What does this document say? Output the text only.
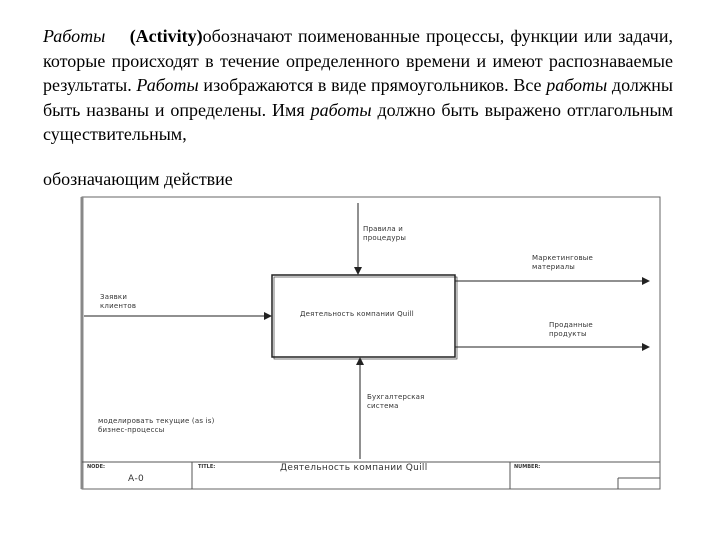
Работы (Activity)обозначают поименованные процессы, функции или задачи, которые происходят в течение определенного времени и имеют распознаваемые результаты. Работы изображаются в виде прямоугольников. Все работы должны быть названы и определены. Имя работы должно быть выражено отглагольным существительным,

обозначающим действие

Правила и
процедуры
Заявки
клиентов
Маркетинговые
материалы
Проданные
продукты
Бухгалтерская
система
Деятельность компании Quill
моделировать текущие (as is)
бизнес-процессы
NODE:
А-0
TITLE:	Деятельность компании Quill	NUMBER:
